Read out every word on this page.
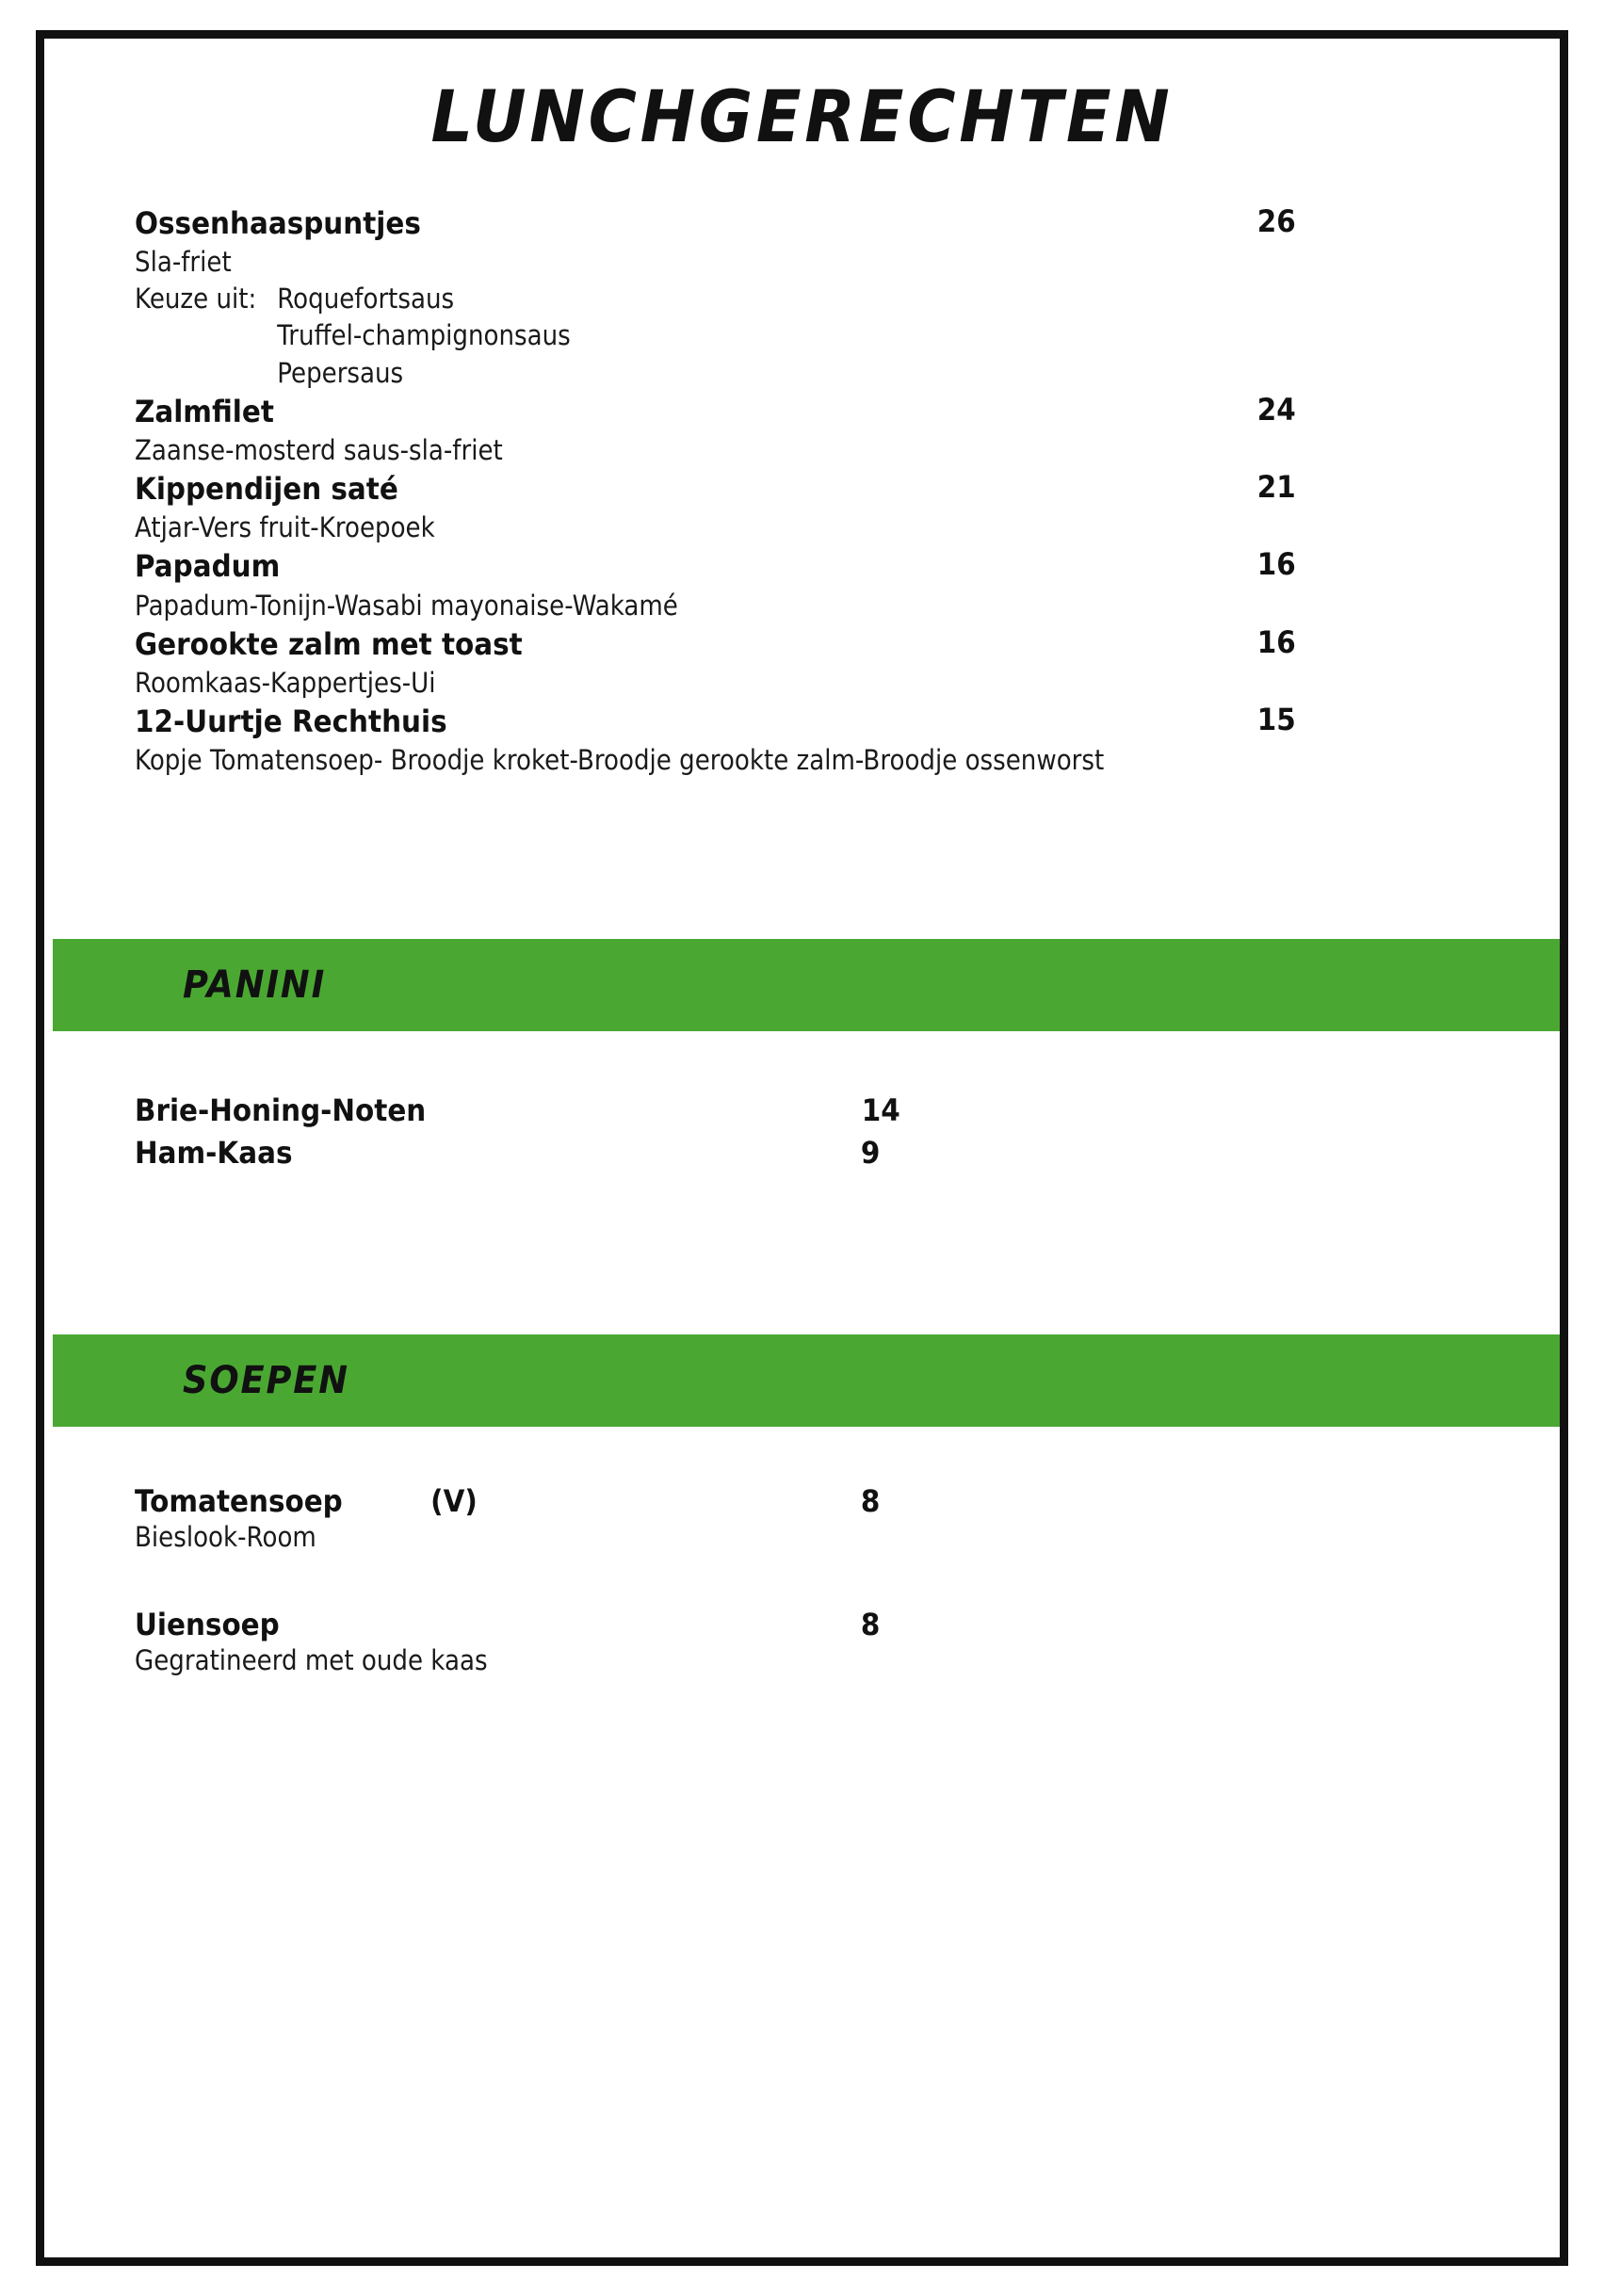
LUNCHGERECHTEN
Ossenhaaspuntjes	26
Sla-friet
Keuze uit: Roquefortsaus
Truffel-champignonsaus
Pepersaus
Zalmfilet	24
Zaanse-mosterd saus-sla-friet
Kippendijen saté	21
Atjar-Vers fruit-Kroepoek
Papadum	16
Papadum-Tonijn-Wasabi mayonaise-Wakamé
Gerookte zalm met toast	16
Roomkaas-Kappertjes-Ui
12-Uurtje Rechthuis	15
Kopje Tomatensoep- Broodje kroket-Broodje gerookte zalm-Broodje ossenworst
PANINI
Brie-Honing-Noten	14
Ham-Kaas	9
SOEPEN
Tomatensoep	(V)	8
Bieslook-Room
Uiensoep	8
Gegratineerd met oude kaas
